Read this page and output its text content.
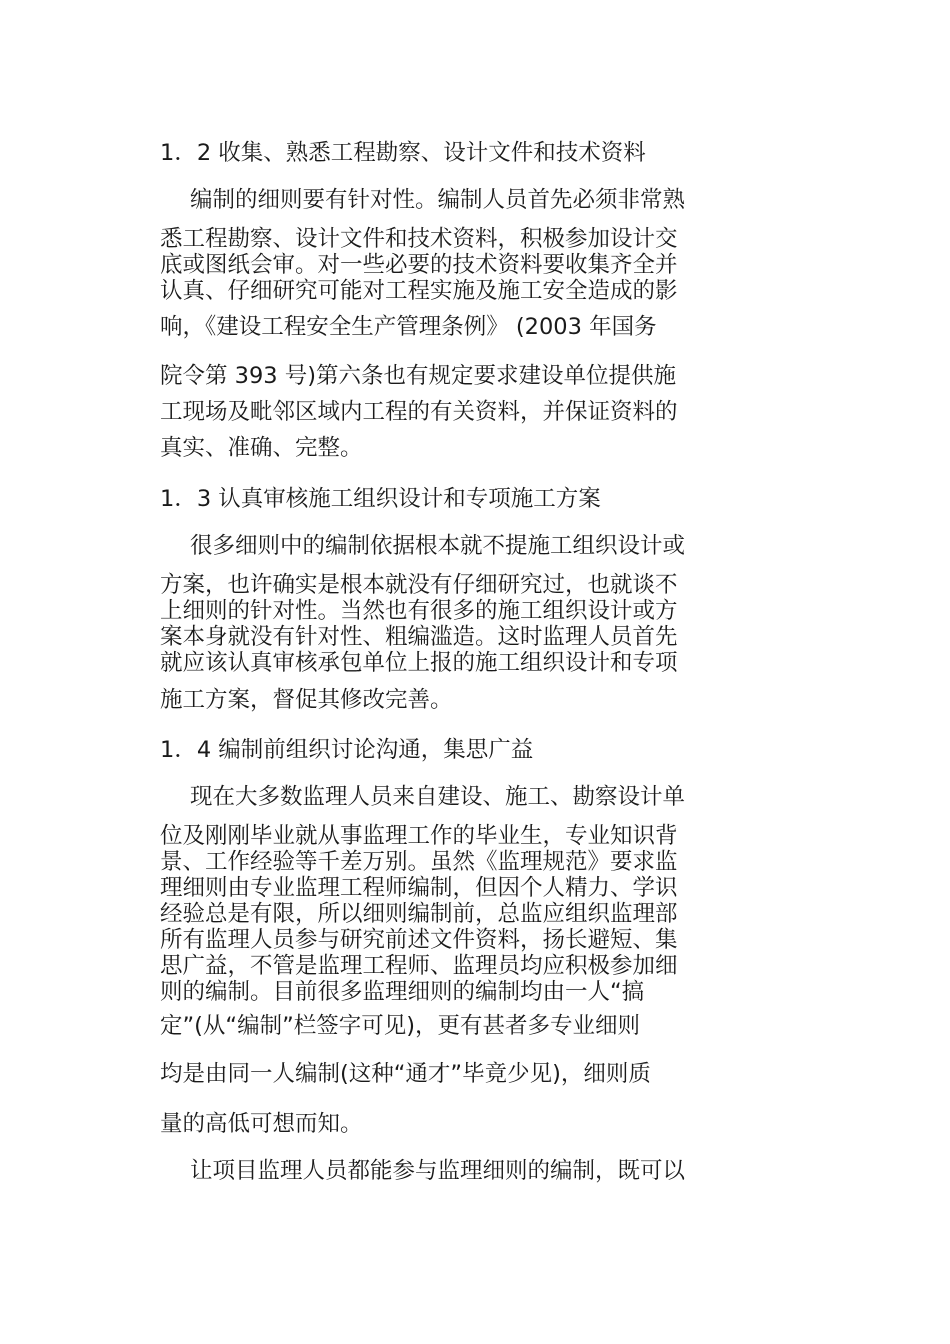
1．2 收集、熟悉工程勘察、设计文件和技术资料

编制的细则要有针对性。编制人员首先必须非常熟

悉工程勘察、设计文件和技术资料，积极参加设计交

底或图纸会审。对一些必要的技术资料要收集齐全并

认真、仔细研究可能对工程实施及施工安全造成的影

响，《建设工程安全生产管理条例》 (2003 年国务

院令第 393 号)第六条也有规定要求建设单位提供施

工现场及毗邻区域内工程的有关资料，并保证资料的

真实、准确、完整。

1．3 认真审核施工组织设计和专项施工方案

很多细则中的编制依据根本就不提施工组织设计或

方案，也许确实是根本就没有仔细研究过，也就谈不

上细则的针对性。当然也有很多的施工组织设计或方

案本身就没有针对性、粗编滥造。这时监理人员首先

就应该认真审核承包单位上报的施工组织设计和专项

施工方案，督促其修改完善。

1．4 编制前组织讨论沟通，集思广益

现在大多数监理人员来自建设、施工、勘察设计单

位及刚刚毕业就从事监理工作的毕业生，专业知识背

景、工作经验等千差万别。虽然《监理规范》要求监

理细则由专业监理工程师编制，但因个人精力、学识

经验总是有限，所以细则编制前，总监应组织监理部

所有监理人员参与研究前述文件资料，扬长避短、集

思广益，不管是监理工程师、监理员均应积极参加细

则的编制。目前很多监理细则的编制均由一人“搞

定”(从“编制”栏签字可见)，更有甚者多专业细则

均是由同一人编制(这种“通才”毕竟少见)，细则质

量的高低可想而知。

让项目监理人员都能参与监理细则的编制，既可以
